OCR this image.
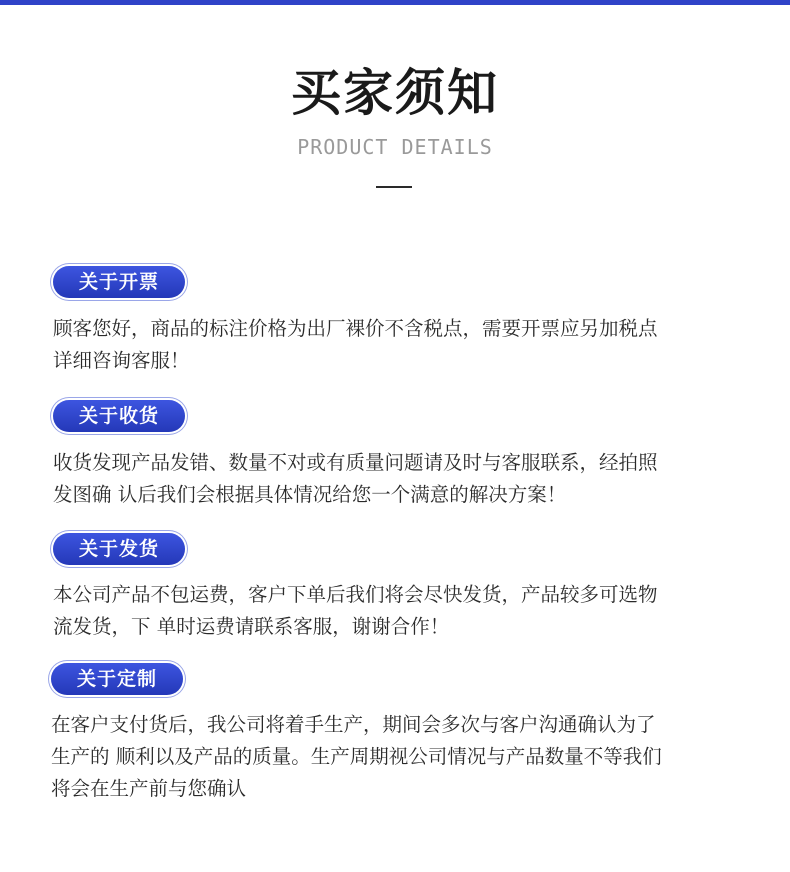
买家须知
PRODUCT DETAILS
关于开票
顾客您好，商品的标注价格为出厂裸价不含税点，需要开票应另加税点
详细咨询客服！
关于收货
收货发现产品发错、数量不对或有质量问题请及时与客服联系，经拍照
发图确 认后我们会根据具体情况给您一个满意的解决方案！
关于发货
本公司产品不包运费，客户下单后我们将会尽快发货，产品较多可选物
流发货，下 单时运费请联系客服，谢谢合作！
关于定制
在客户支付货后，我公司将着手生产，期间会多次与客户沟通确认为了
生产的 顺利以及产品的质量。生产周期视公司情况与产品数量不等我们
将会在生产前与您确认
